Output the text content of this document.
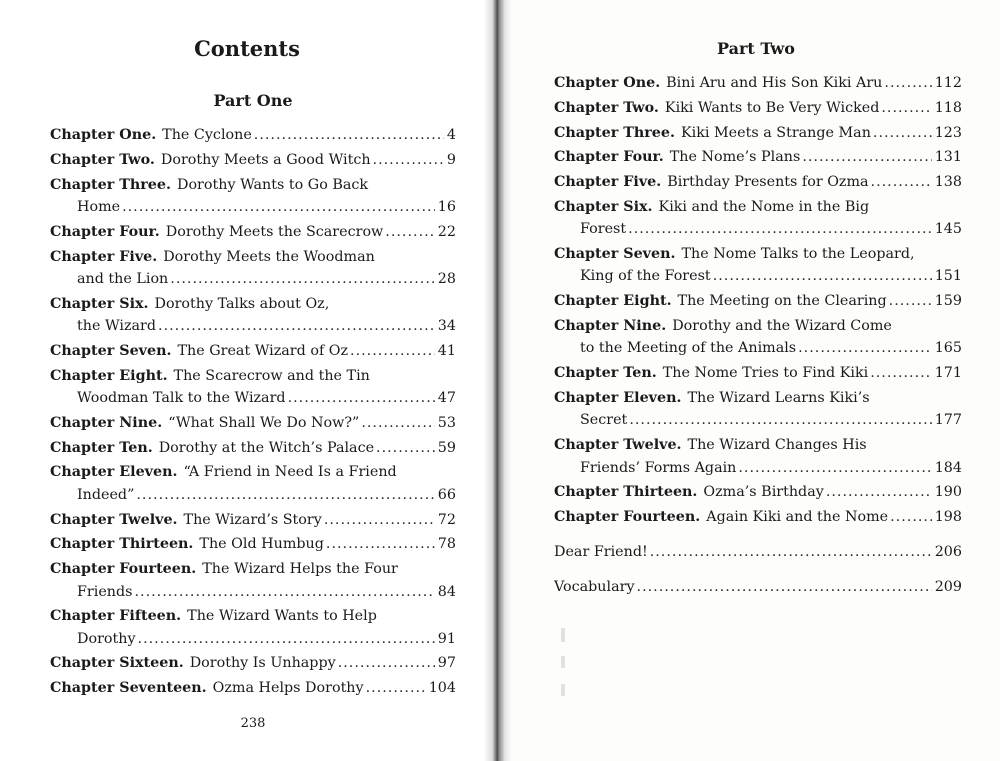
Contents
Part One
Chapter One. The Cyclone .....	4
Chapter Two. Dorothy Meets a Good Witch .....	9
Chapter Three. Dorothy Wants to Go Back
Home .....	16
Chapter Four. Dorothy Meets the Scarecrow .....	22
Chapter Five. Dorothy Meets the Woodman
and the Lion .....	28
Chapter Six. Dorothy Talks about Oz,
the Wizard .....	34
Chapter Seven. The Great Wizard of Oz .....	41
Chapter Eight. The Scarecrow and the Tin
Woodman Talk to the Wizard .....	47
Chapter Nine. “What Shall We Do Now?” .....	53
Chapter Ten. Dorothy at the Witch’s Palace .....	59
Chapter Eleven. “A Friend in Need Is a Friend
Indeed” .....	66
Chapter Twelve. The Wizard’s Story .....	72
Chapter Thirteen. The Old Humbug .....	78
Chapter Fourteen. The Wizard Helps the Four
Friends .....	84
Chapter Fifteen. The Wizard Wants to Help
Dorothy .....	91
Chapter Sixteen. Dorothy Is Unhappy .....	97
Chapter Seventeen. Ozma Helps Dorothy .....	104
238
Part Two
Chapter One. Bini Aru and His Son Kiki Aru .....	112
Chapter Two. Kiki Wants to Be Very Wicked .....	118
Chapter Three. Kiki Meets a Strange Man .....	123
Chapter Four. The Nome’s Plans .....	131
Chapter Five. Birthday Presents for Ozma .....	138
Chapter Six. Kiki and the Nome in the Big
Forest .....	145
Chapter Seven. The Nome Talks to the Leopard,
King of the Forest .....	151
Chapter Eight. The Meeting on the Clearing .....	159
Chapter Nine. Dorothy and the Wizard Come
to the Meeting of the Animals .....	165
Chapter Ten. The Nome Tries to Find Kiki .....	171
Chapter Eleven. The Wizard Learns Kiki’s
Secret .....	177
Chapter Twelve. The Wizard Changes His
Friends’ Forms Again .....	184
Chapter Thirteen. Ozma’s Birthday .....	190
Chapter Fourteen. Again Kiki and the Nome .....	198
Dear Friend! .....	206
Vocabulary .....	209
